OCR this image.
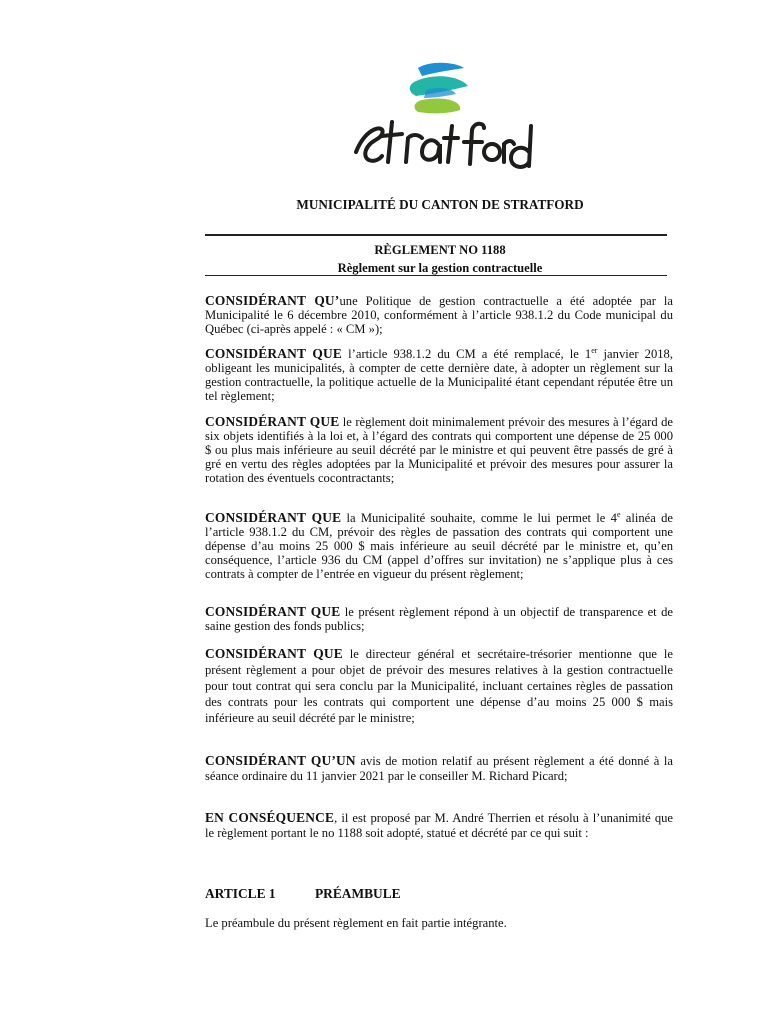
MUNICIPALITÉ DU CANTON DE STRATFORD
RÈGLEMENT NO 1188
Règlement sur la gestion contractuelle
CONSIDÉRANT QU’une Politique de gestion contractuelle a été adoptée par la Municipalité le 6 décembre 2010, conformément à l’article 938.1.2 du Code municipal du Québec (ci-après appelé : « CM »);
CONSIDÉRANT QUE l’article 938.1.2 du CM a été remplacé, le 1er janvier 2018, obligeant les municipalités, à compter de cette dernière date, à adopter un règlement sur la gestion contractuelle, la politique actuelle de la Municipalité étant cependant réputée être un tel règlement;
CONSIDÉRANT QUE le règlement doit minimalement prévoir des mesures à l’égard de six objets identifiés à la loi et, à l’égard des contrats qui comportent une dépense de 25 000 $ ou plus mais inférieure au seuil décrété par le ministre et qui peuvent être passés de gré à gré en vertu des règles adoptées par la Municipalité et prévoir des mesures pour assurer la rotation des éventuels cocontractants;
CONSIDÉRANT QUE la Municipalité souhaite, comme le lui permet le 4e alinéa de l’article 938.1.2 du CM, prévoir des règles de passation des contrats qui comportent une dépense d’au moins 25 000 $ mais inférieure au seuil décrété par le ministre et, qu’en conséquence, l’article 936 du CM (appel d’offres sur invitation) ne s’applique plus à ces contrats à compter de l’entrée en vigueur du présent règlement;
CONSIDÉRANT QUE le présent règlement répond à un objectif de transparence et de saine gestion des fonds publics;
CONSIDÉRANT QUE le directeur général et secrétaire-trésorier mentionne que le présent règlement a pour objet de prévoir des mesures relatives à la gestion contractuelle pour tout contrat qui sera conclu par la Municipalité, incluant certaines règles de passation des contrats pour les contrats qui comportent une dépense d’au moins 25 000 $ mais inférieure au seuil décrété par le ministre;
CONSIDÉRANT QU’UN avis de motion relatif au présent règlement a été donné à la séance ordinaire du 11 janvier 2021 par le conseiller M. Richard Picard;
EN CONSÉQUENCE, il est proposé par M. André Therrien et résolu à l’unanimité que le règlement portant le no 1188 soit adopté, statué et décrété par ce qui suit :
ARTICLE 1	PRÉAMBULE
Le préambule du présent règlement en fait partie intégrante.
